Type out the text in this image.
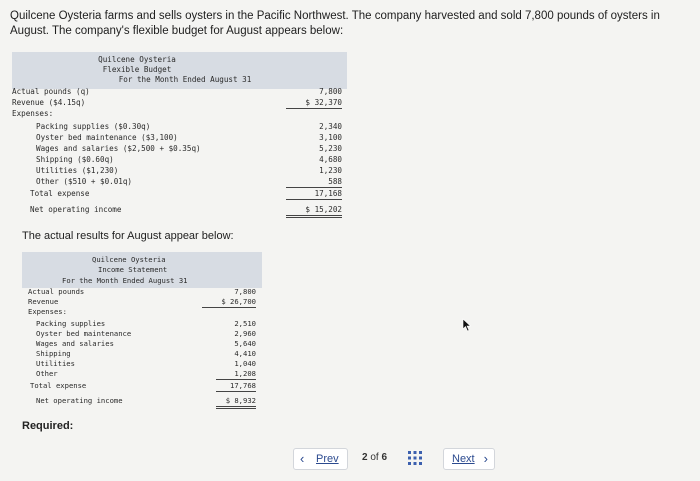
Quilcene Oysteria farms and sells oysters in the Pacific Northwest. The company harvested and sold 7,800 pounds of oysters in August. The company's flexible budget for August appears below:
Quilcene Oysteria
Flexible Budget
For the Month Ended August 31
Actual pounds (q)	7,800
Revenue ($4.15q)	$ 32,370
Expenses:
Packing supplies ($0.30q)	2,340
Oyster bed maintenance ($3,100)	3,100
Wages and salaries ($2,500 + $0.35q)	5,230
Shipping ($0.60q)	4,680
Utilities ($1,230)	1,230
Other ($510 + $0.01q)	588
Total expense	17,168
Net operating income	$ 15,202
The actual results for August appear below:
Quilcene Oysteria
Income Statement
For the Month Ended August 31
Actual pounds	7,800
Revenue	$ 26,700
Expenses:
Packing supplies	2,510
Oyster bed maintenance	2,960
Wages and salaries	5,640
Shipping	4,410
Utilities	1,040
Other	1,208
Total expense	17,768
Net operating income	$ 8,932
Required:
‹ Prev 2 of 6	Next ›
